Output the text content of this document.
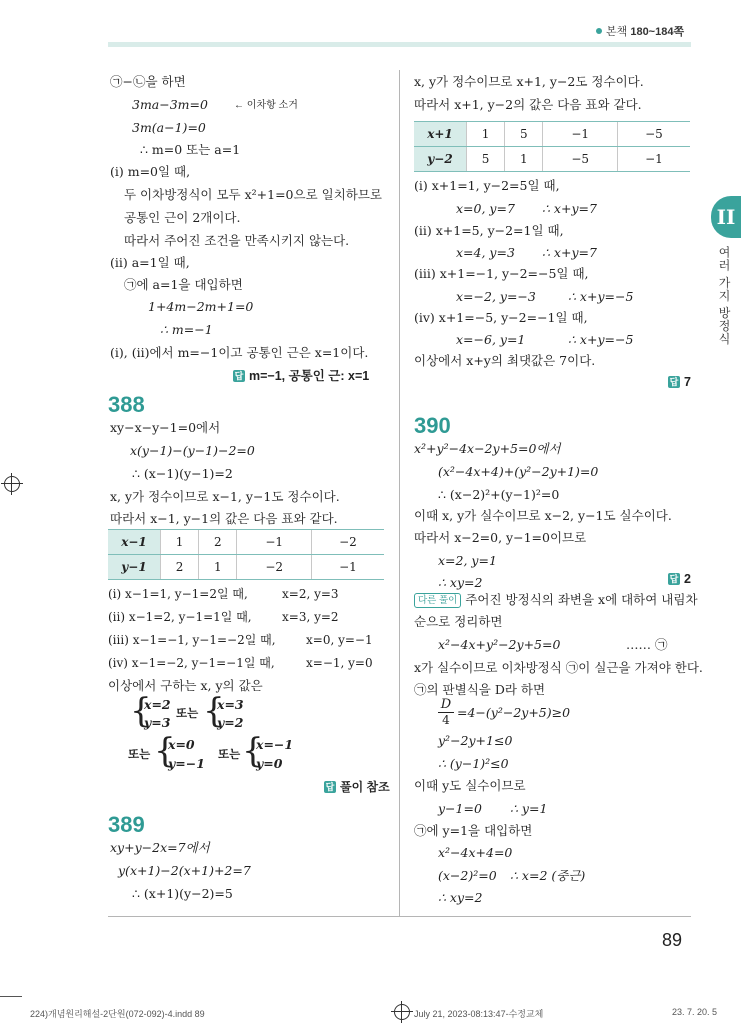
본책 180~184쪽
II
여러 가지 방정식
㉠−㉡을 하면
3ma−3m=0	← 이차항 소거
3m(a−1)=0
∴ m=0 또는 a=1
(i) m=0일 때,
두 이차방정식이 모두 x²+1=0으로 일치하므로
공통인 근이 2개이다.
따라서 주어진 조건을 만족시키지 않는다.
(ii) a=1일 때,
㉠에 a=1을 대입하면
1+4m−2m+1=0
∴ m=−1
(i), (ii)에서 m=−1이고 공통인 근은 x=1이다.
답 m=−1, 공통인 근: x=1
388
xy−x−y−1=0에서
x(y−1)−(y−1)−2=0
∴ (x−1)(y−1)=2
x, y가 정수이므로 x−1, y−1도 정수이다.
따라서 x−1, y−1의 값은 다음 표와 같다.
x−1	1	2	−1	−2
y−1	2	1	−2	−1
(i) x−1=1, y−1=2일 때,	x=2, y=3
(ii) x−1=2, y−1=1일 때,	x=3, y=2
(iii) x−1=−1, y−1=−2일 때,	x=0, y=−1
(iv) x−1=−2, y−1=−1일 때,	x=−1, y=0
이상에서 구하는 x, y의 값은
{
x=2
y=3
또는 {
x=3
y=2
또는 {
x=0
y=−1
또는 {
x=−1
y=0
답 풀이 참조
389
xy+y−2x=7에서
y(x+1)−2(x+1)+2=7
∴ (x+1)(y−2)=5
x, y가 정수이므로 x+1, y−2도 정수이다.
따라서 x+1, y−2의 값은 다음 표와 같다.
x+1	1	5	−1	−5
y−2	5	1	−5	−1
(i) x+1=1, y−2=5일 때,
x=0, y=7 ∴ x+y=7
(ii) x+1=5, y−2=1일 때,
x=4, y=3 ∴ x+y=7
(iii) x+1=−1, y−2=−5일 때,
x=−2, y=−3	∴ x+y=−5
(iv) x+1=−5, y−2=−1일 때,
x=−6, y=1	∴ x+y=−5
이상에서 x+y의 최댓값은 7이다.
답 7
390
x²+y²−4x−2y+5=0에서
(x²−4x+4)+(y²−2y+1)=0
∴ (x−2)²+(y−1)²=0
이때 x, y가 실수이므로 x−2, y−1도 실수이다.
따라서 x−2=0, y−1=0이므로
x=2, y=1
∴ xy=2	답 2
다른 풀이 주어진 방정식의 좌변을 x에 대하여 내림차
순으로 정리하면
x²−4x+y²−2y+5=0	…… ㉠
x가 실수이므로 이차방정식 ㉠이 실근을 가져야 한다.
㉠의 판별식을 D라 하면
$\frac{D}{4} =4-(y^2-2y+5)\ge 0$
y²−2y+1≤0
∴ (y−1)²≤0
이때 y도 실수이므로
y−1=0 ∴ y=1
㉠에 y=1을 대입하면
x²−4x+4=0
(x−2)²=0 ∴ x=2 (중근)
∴ xy=2
89
224)개념원리해설-2단원(072-092)-4.indd 89	July 21, 2023-08:13:47-수정교체	23. 7. 20. 5
